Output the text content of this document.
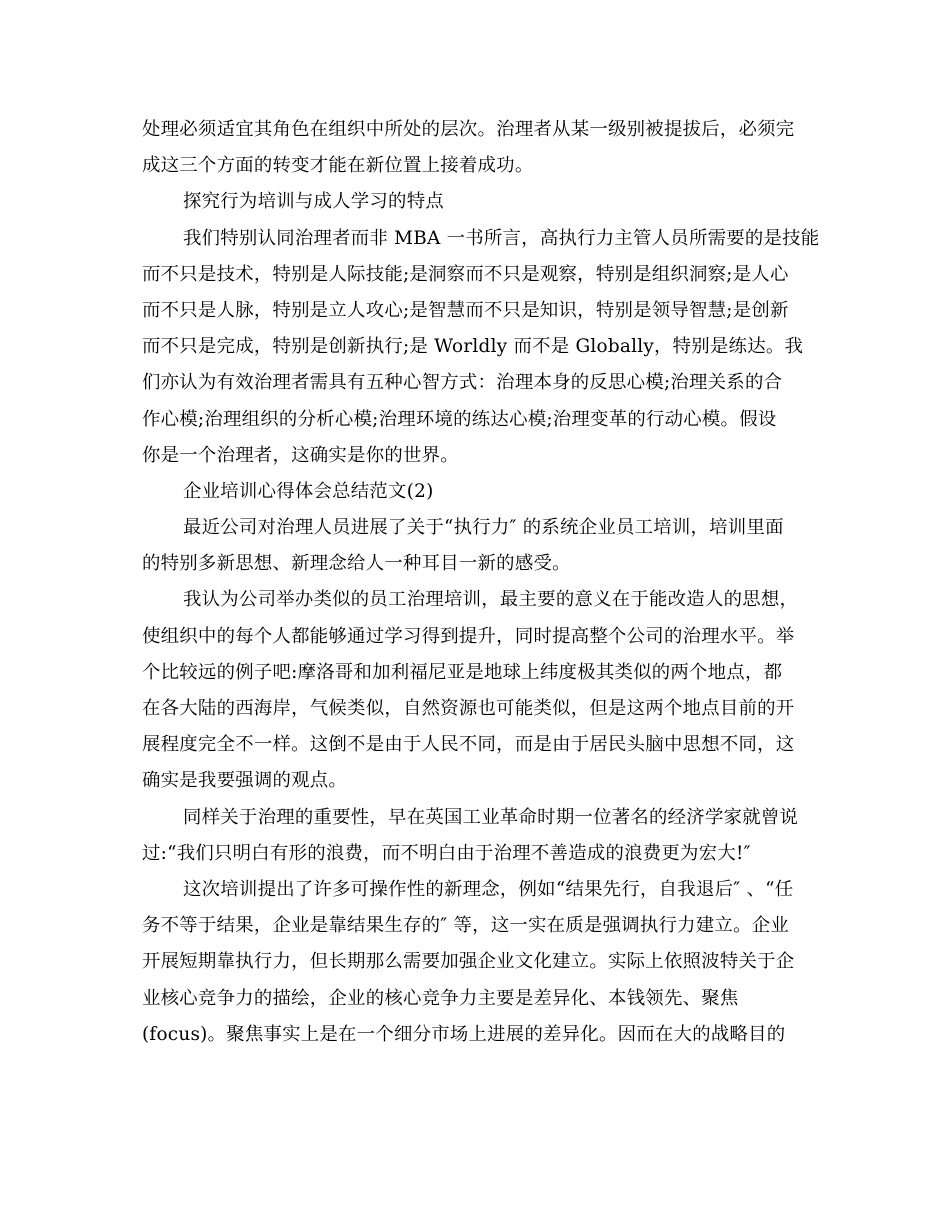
处理必须适宜其角色在组织中所处的层次。治理者从某一级别被提拔后，必须完
成这三个方面的转变才能在新位置上接着成功。
探究行为培训与成人学习的特点
我们特别认同治理者而非 MBA 一书所言，高执行力主管人员所需要的是技能
而不只是技术，特别是人际技能;是洞察而不只是观察，特别是组织洞察;是人心
而不只是人脉，特别是立人攻心;是智慧而不只是知识，特别是领导智慧;是创新
而不只是完成，特别是创新执行;是 Worldly 而不是 Globally，特别是练达。我
们亦认为有效治理者需具有五种心智方式：治理本身的反思心模;治理关系的合
作心模;治理组织的分析心模;治理环境的练达心模;治理变革的行动心模。假设
你是一个治理者，这确实是你的世界。
企业培训心得体会总结范文(2)
最近公司对治理人员进展了关于“执行力″ 的系统企业员工培训，培训里面
的特别多新思想、新理念给人一种耳目一新的感受。
我认为公司举办类似的员工治理培训，最主要的意义在于能改造人的思想，
使组织中的每个人都能够通过学习得到提升，同时提高整个公司的治理水平。举
个比较远的例子吧:摩洛哥和加利福尼亚是地球上纬度极其类似的两个地点，都
在各大陆的西海岸，气候类似，自然资源也可能类似，但是这两个地点目前的开
展程度完全不一样。这倒不是由于人民不同，而是由于居民头脑中思想不同，这
确实是我要强调的观点。
同样关于治理的重要性，早在英国工业革命时期一位著名的经济学家就曾说
过:“我们只明白有形的浪费，而不明白由于治理不善造成的浪费更为宏大!″
这次培训提出了许多可操作性的新理念，例如“结果先行，自我退后″ 、“任
务不等于结果，企业是靠结果生存的″ 等，这一实在质是强调执行力建立。企业
开展短期靠执行力，但长期那么需要加强企业文化建立。实际上依照波特关于企
业核心竞争力的描绘，企业的核心竞争力主要是差异化、本钱领先、聚焦
(focus)。聚焦事实上是在一个细分市场上进展的差异化。因而在大的战略目的
